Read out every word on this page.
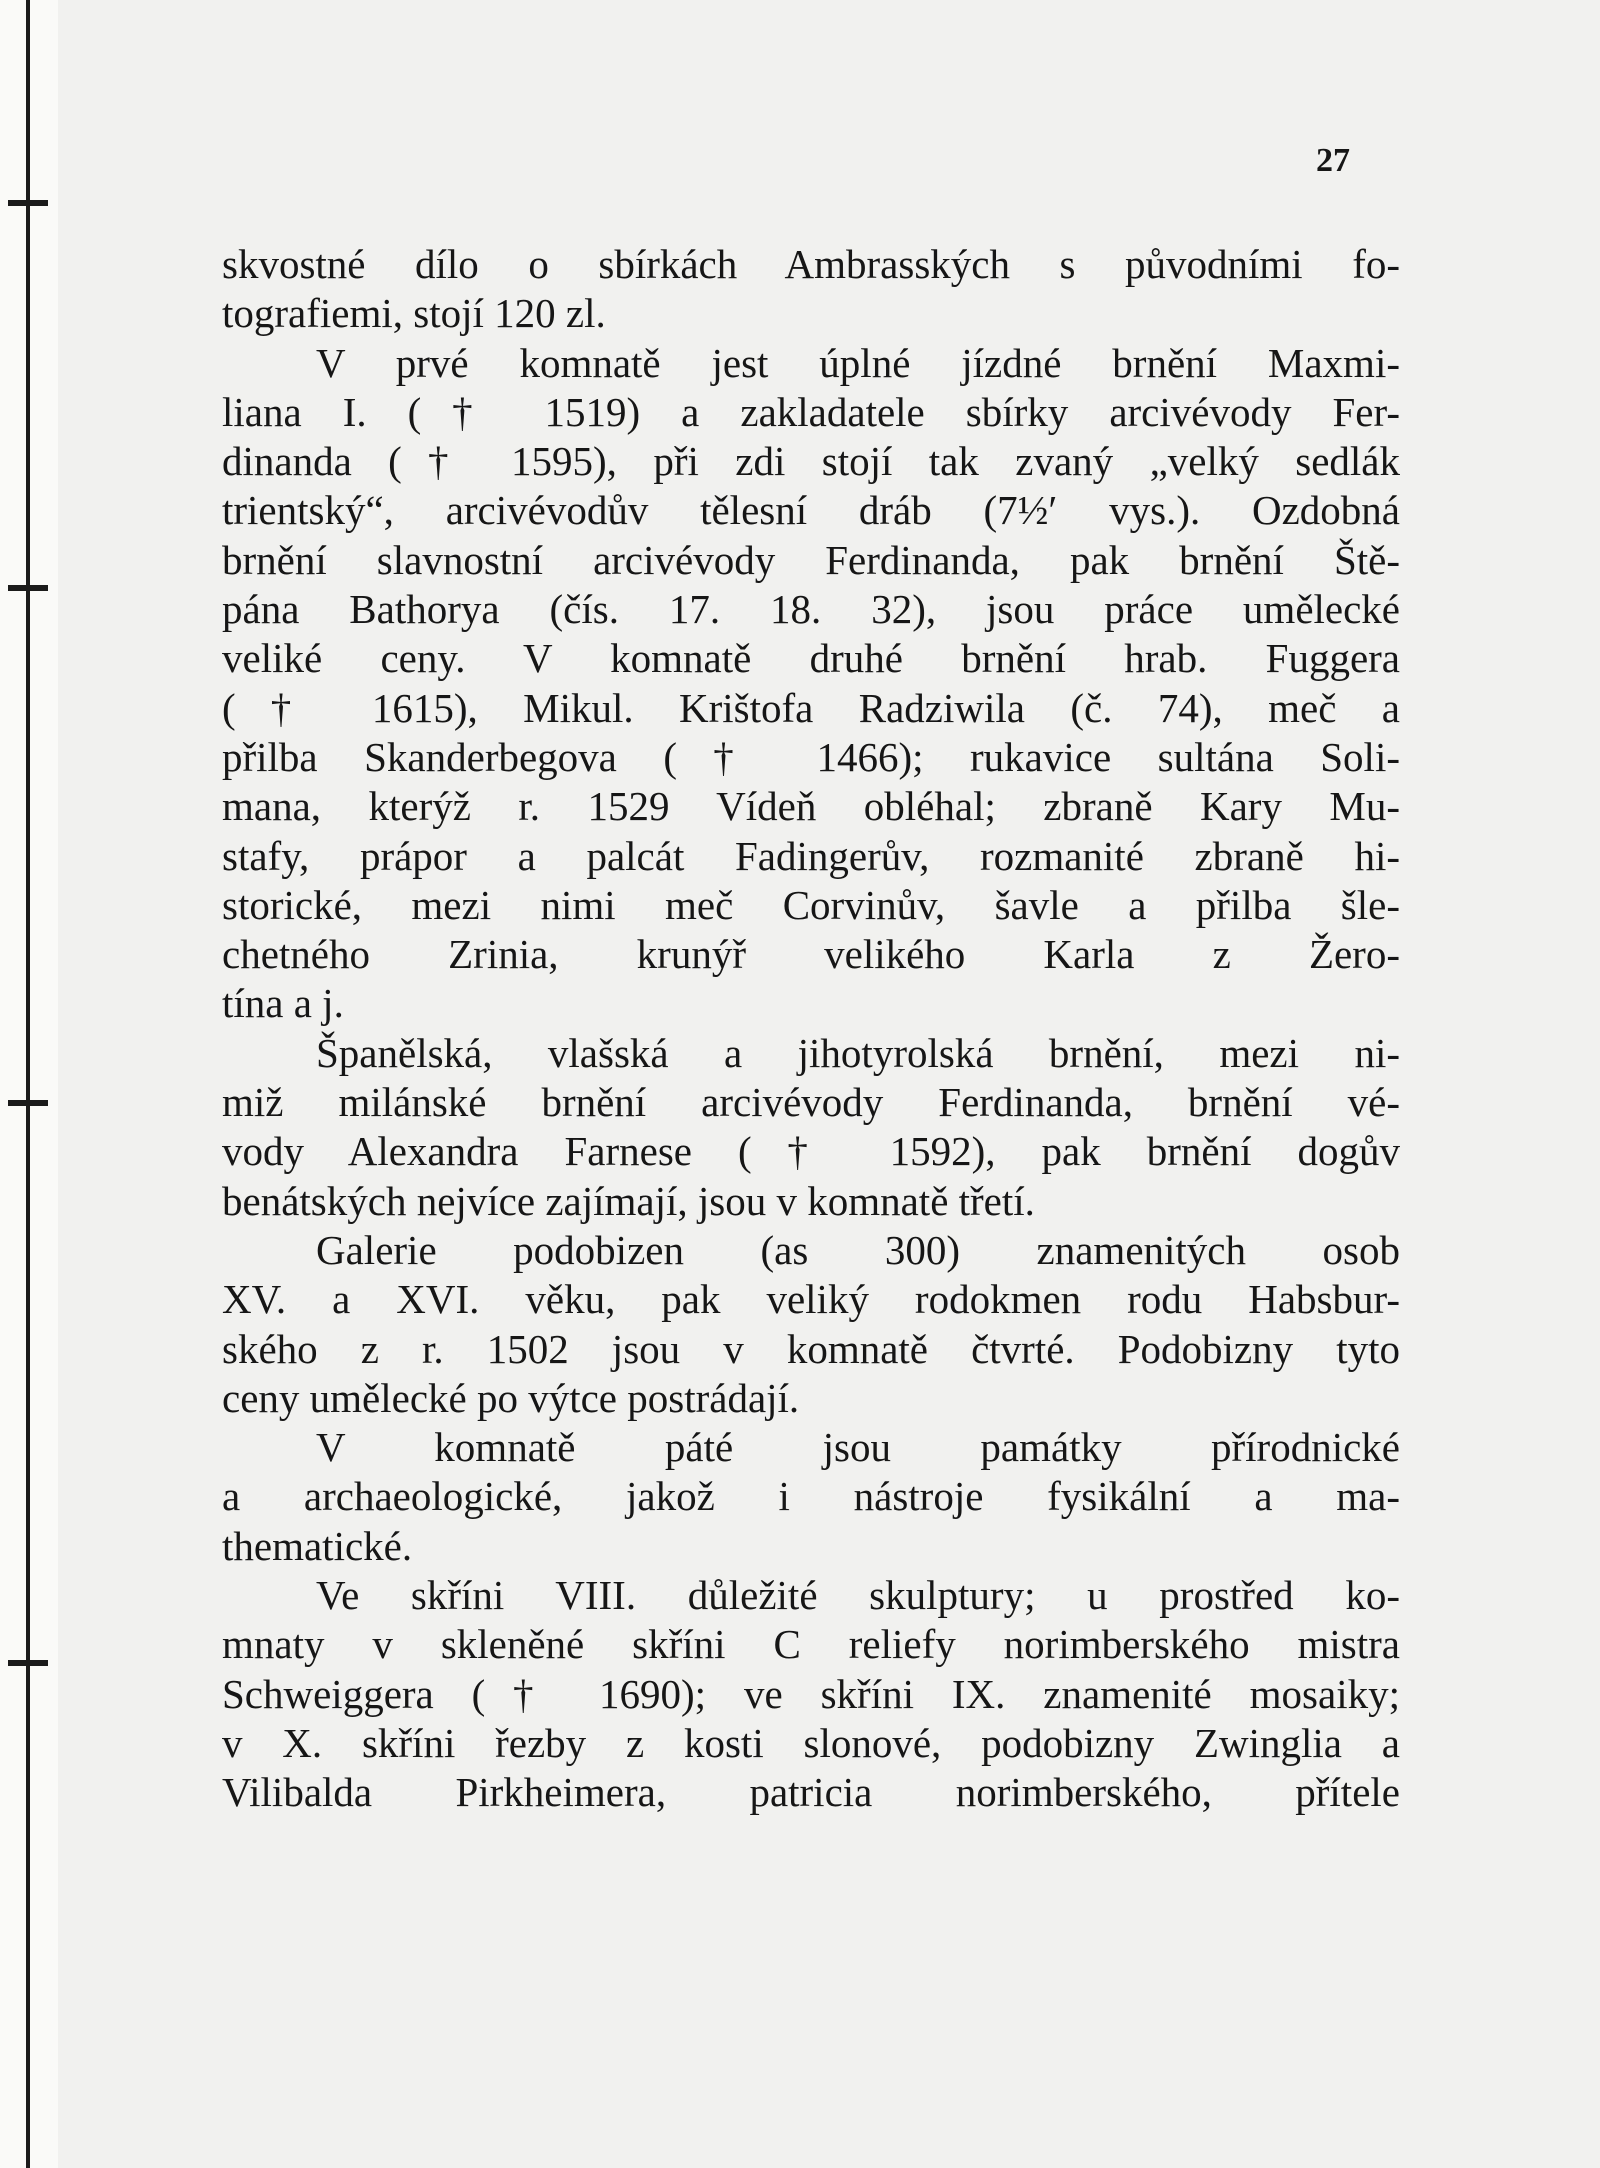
27
skvostné dílo o sbírkách Ambrasských s původními fo-
tografiemi, stojí 120 zl.
V prvé komnatě jest úplné jízdné brnění Maxmi-
liana I. († 1519) a zakladatele sbírky arcivévody Fer-
dinanda († 1595), při zdi stojí tak zvaný „velký sedlák
trientský“, arcivévodův tělesní dráb (7½′ vys.). Ozdobná
brnění slavnostní arcivévody Ferdinanda, pak brnění Ště-
pána Bathorya (čís. 17. 18. 32), jsou práce umělecké
veliké ceny. V komnatě druhé brnění hrab. Fuggera
(† 1615), Mikul. Krištofa Radziwila (č. 74), meč a
přilba Skanderbegova († 1466); rukavice sultána Soli-
mana, kterýž r. 1529 Vídeň obléhal; zbraně Kary Mu-
stafy, prápor a palcát Fadingerův, rozmanité zbraně hi-
storické, mezi nimi meč Corvinův, šavle a přilba šle-
chetného Zrinia, krunýř velikého Karla z Žero-
tína a j.
Španělská, vlašská a jihotyrolská brnění, mezi ni-
miž milánské brnění arcivévody Ferdinanda, brnění vé-
vody Alexandra Farnese († 1592), pak brnění dogův
benátských nejvíce zajímají, jsou v komnatě třetí.
Galerie podobizen (as 300) znamenitých osob
XV. a XVI. věku, pak veliký rodokmen rodu Habsbur-
ského z r. 1502 jsou v komnatě čtvrté. Podobizny tyto
ceny umělecké po výtce postrádají.
V komnatě páté jsou památky přírodnické
a archaeologické, jakož i nástroje fysikální a ma-
thematické.
Ve skříni VIII. důležité skulptury; u prostřed ko-
mnaty v skleněné skříni C reliefy norimberského mistra
Schweiggera († 1690); ve skříni IX. znamenité mosaiky;
v X. skříni řezby z kosti slonové, podobizny Zwinglia a
Vilibalda Pirkheimera, patricia norimberského, přítele
